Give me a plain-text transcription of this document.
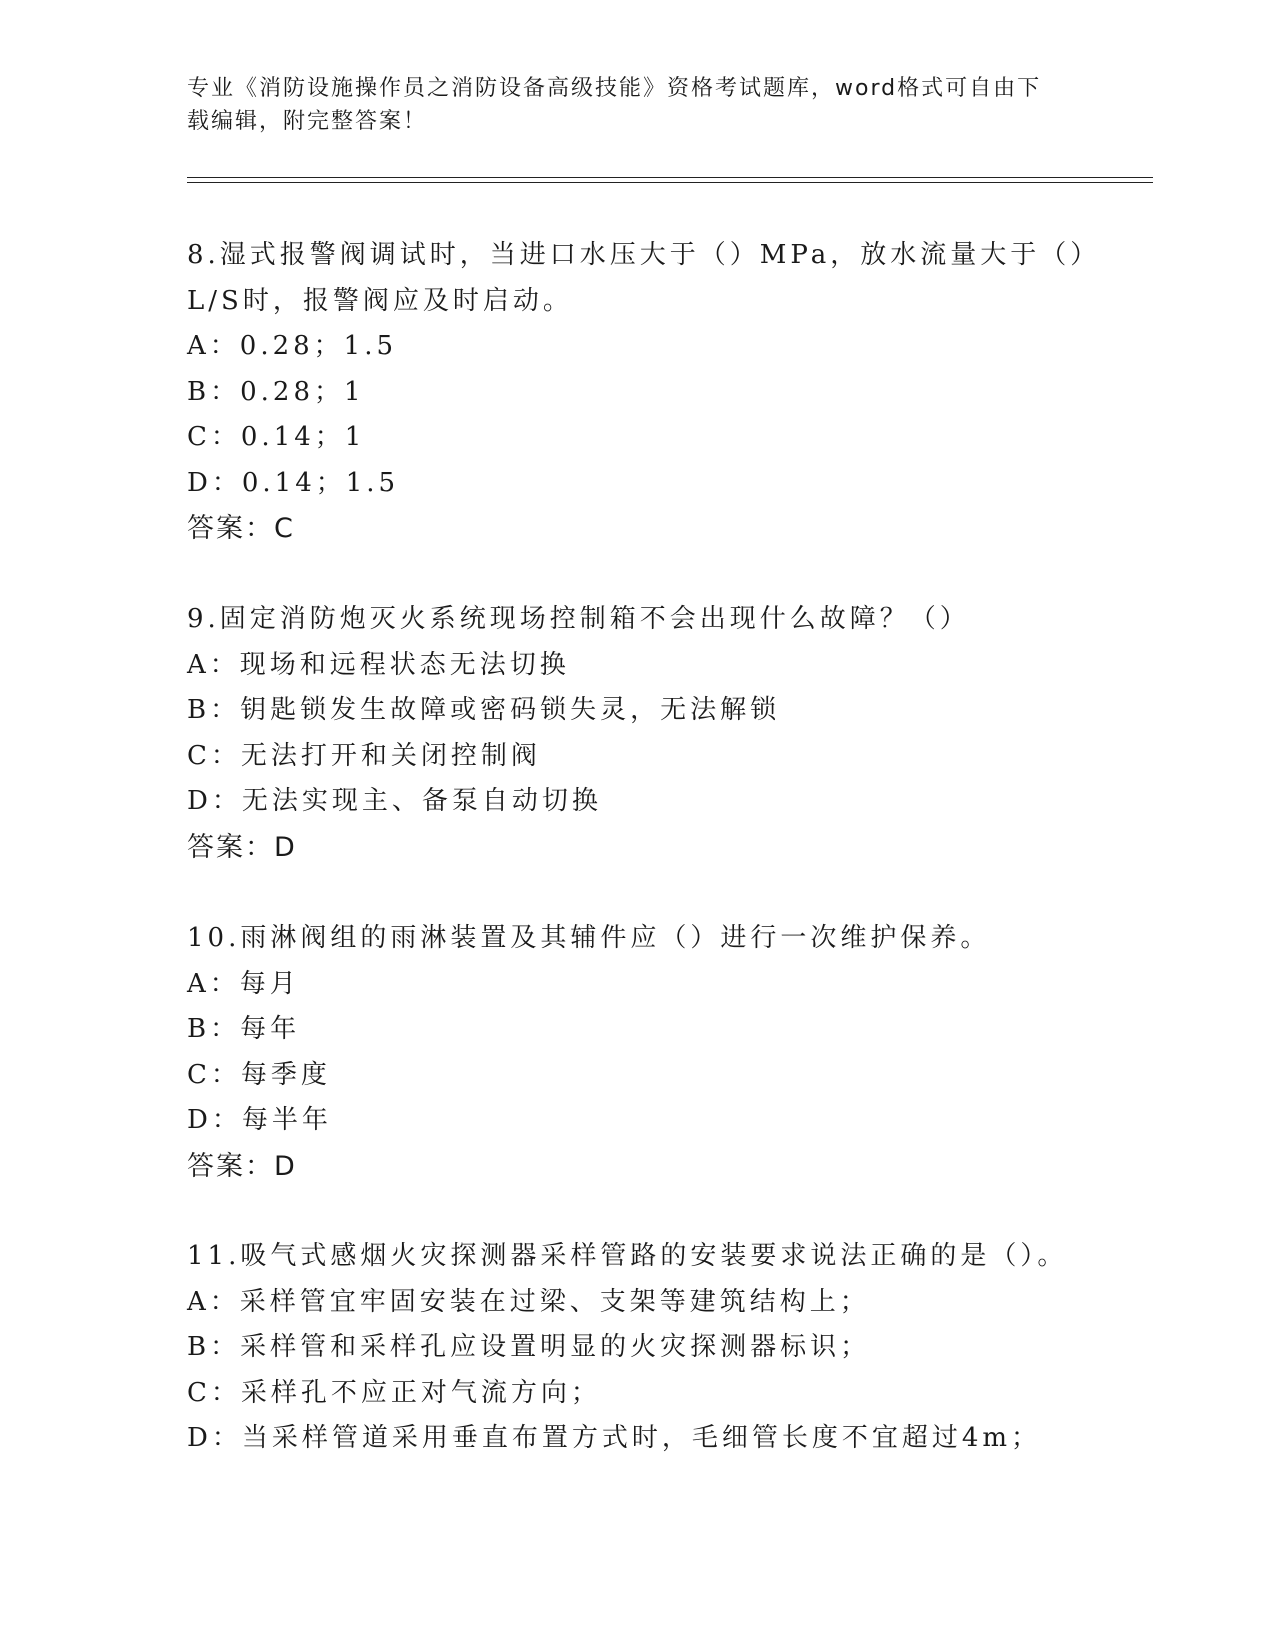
专业《消防设施操作员之消防设备高级技能》资格考试题库，word格式可自由下
载编辑，附完整答案！
8.湿式报警阀调试时，当进口水压大于（）MPa，放水流量大于（）
L/S时，报警阀应及时启动。
A：0.28；1.5
B：0.28；1
C：0.14；1
D：0.14；1.5
答案：C
9.固定消防炮灭火系统现场控制箱不会出现什么故障？（）
A：现场和远程状态无法切换
B：钥匙锁发生故障或密码锁失灵，无法解锁
C：无法打开和关闭控制阀
D：无法实现主、备泵自动切换
答案：D
10.雨淋阀组的雨淋装置及其辅件应（）进行一次维护保养。
A：每月
B：每年
C：每季度
D：每半年
答案：D
11.吸气式感烟火灾探测器采样管路的安装要求说法正确的是（）。
A：采样管宜牢固安装在过梁、支架等建筑结构上；
B：采样管和采样孔应设置明显的火灾探测器标识；
C：采样孔不应正对气流方向；
D：当采样管道采用垂直布置方式时，毛细管长度不宜超过4m；
